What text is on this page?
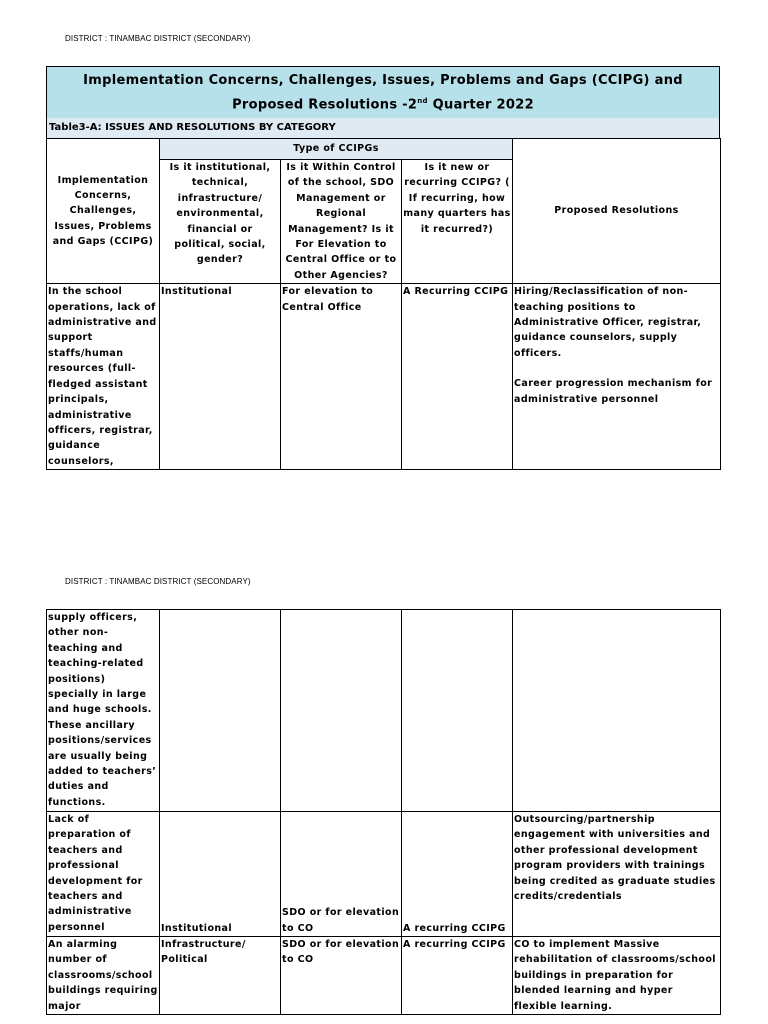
DISTRICT : TINAMBAC DISTRICT (SECONDARY)
Implementation Concerns, Challenges, Issues, Problems and Gaps (CCIPG) and
Proposed Resolutions -2nd Quarter 2022
Table3-A: ISSUES AND RESOLUTIONS BY CATEGORY
Implementation Concerns, Challenges, Issues, Problems and Gaps (CCIPG)	Type of CCIPGs			Proposed Resolutions
	Is it institutional, technical, infrastructure/ environmental, financial or political, social, gender?	Is it Within Control of the school, SDO Management or Regional Management? Is it For Elevation to Central Office or to Other Agencies?	Is it new or recurring CCIPG? ( If recurring, how many quarters has it recurred?)	
In the school operations, lack of administrative and support staffs/human resources (full-fledged assistant principals, administrative officers, registrar, guidance counselors,	Institutional	For elevation to Central Office	A Recurring CCIPG	Hiring/Reclassification of non-teaching positions to Administrative Officer, registrar, guidance counselors, supply officers.

Career progression mechanism for administrative personnel

DISTRICT : TINAMBAC DISTRICT (SECONDARY)
supply officers, other non-teaching and teaching-related positions) specially in large and huge schools. These ancillary positions/services are usually being added to teachers’ duties and functions.				
Lack of preparation of teachers and professional development for teachers and administrative personnel	Institutional	SDO or for elevation to CO	A recurring CCIPG	Outsourcing/partnership engagement with universities and other professional development program providers with trainings being credited as graduate studies credits/credentials
An alarming number of classrooms/school buildings requiring major	Infrastructure/ Political	SDO or for elevation to CO	A recurring CCIPG	CO to implement Massive rehabilitation of classrooms/school buildings in preparation for blended learning and hyper flexible learning.
